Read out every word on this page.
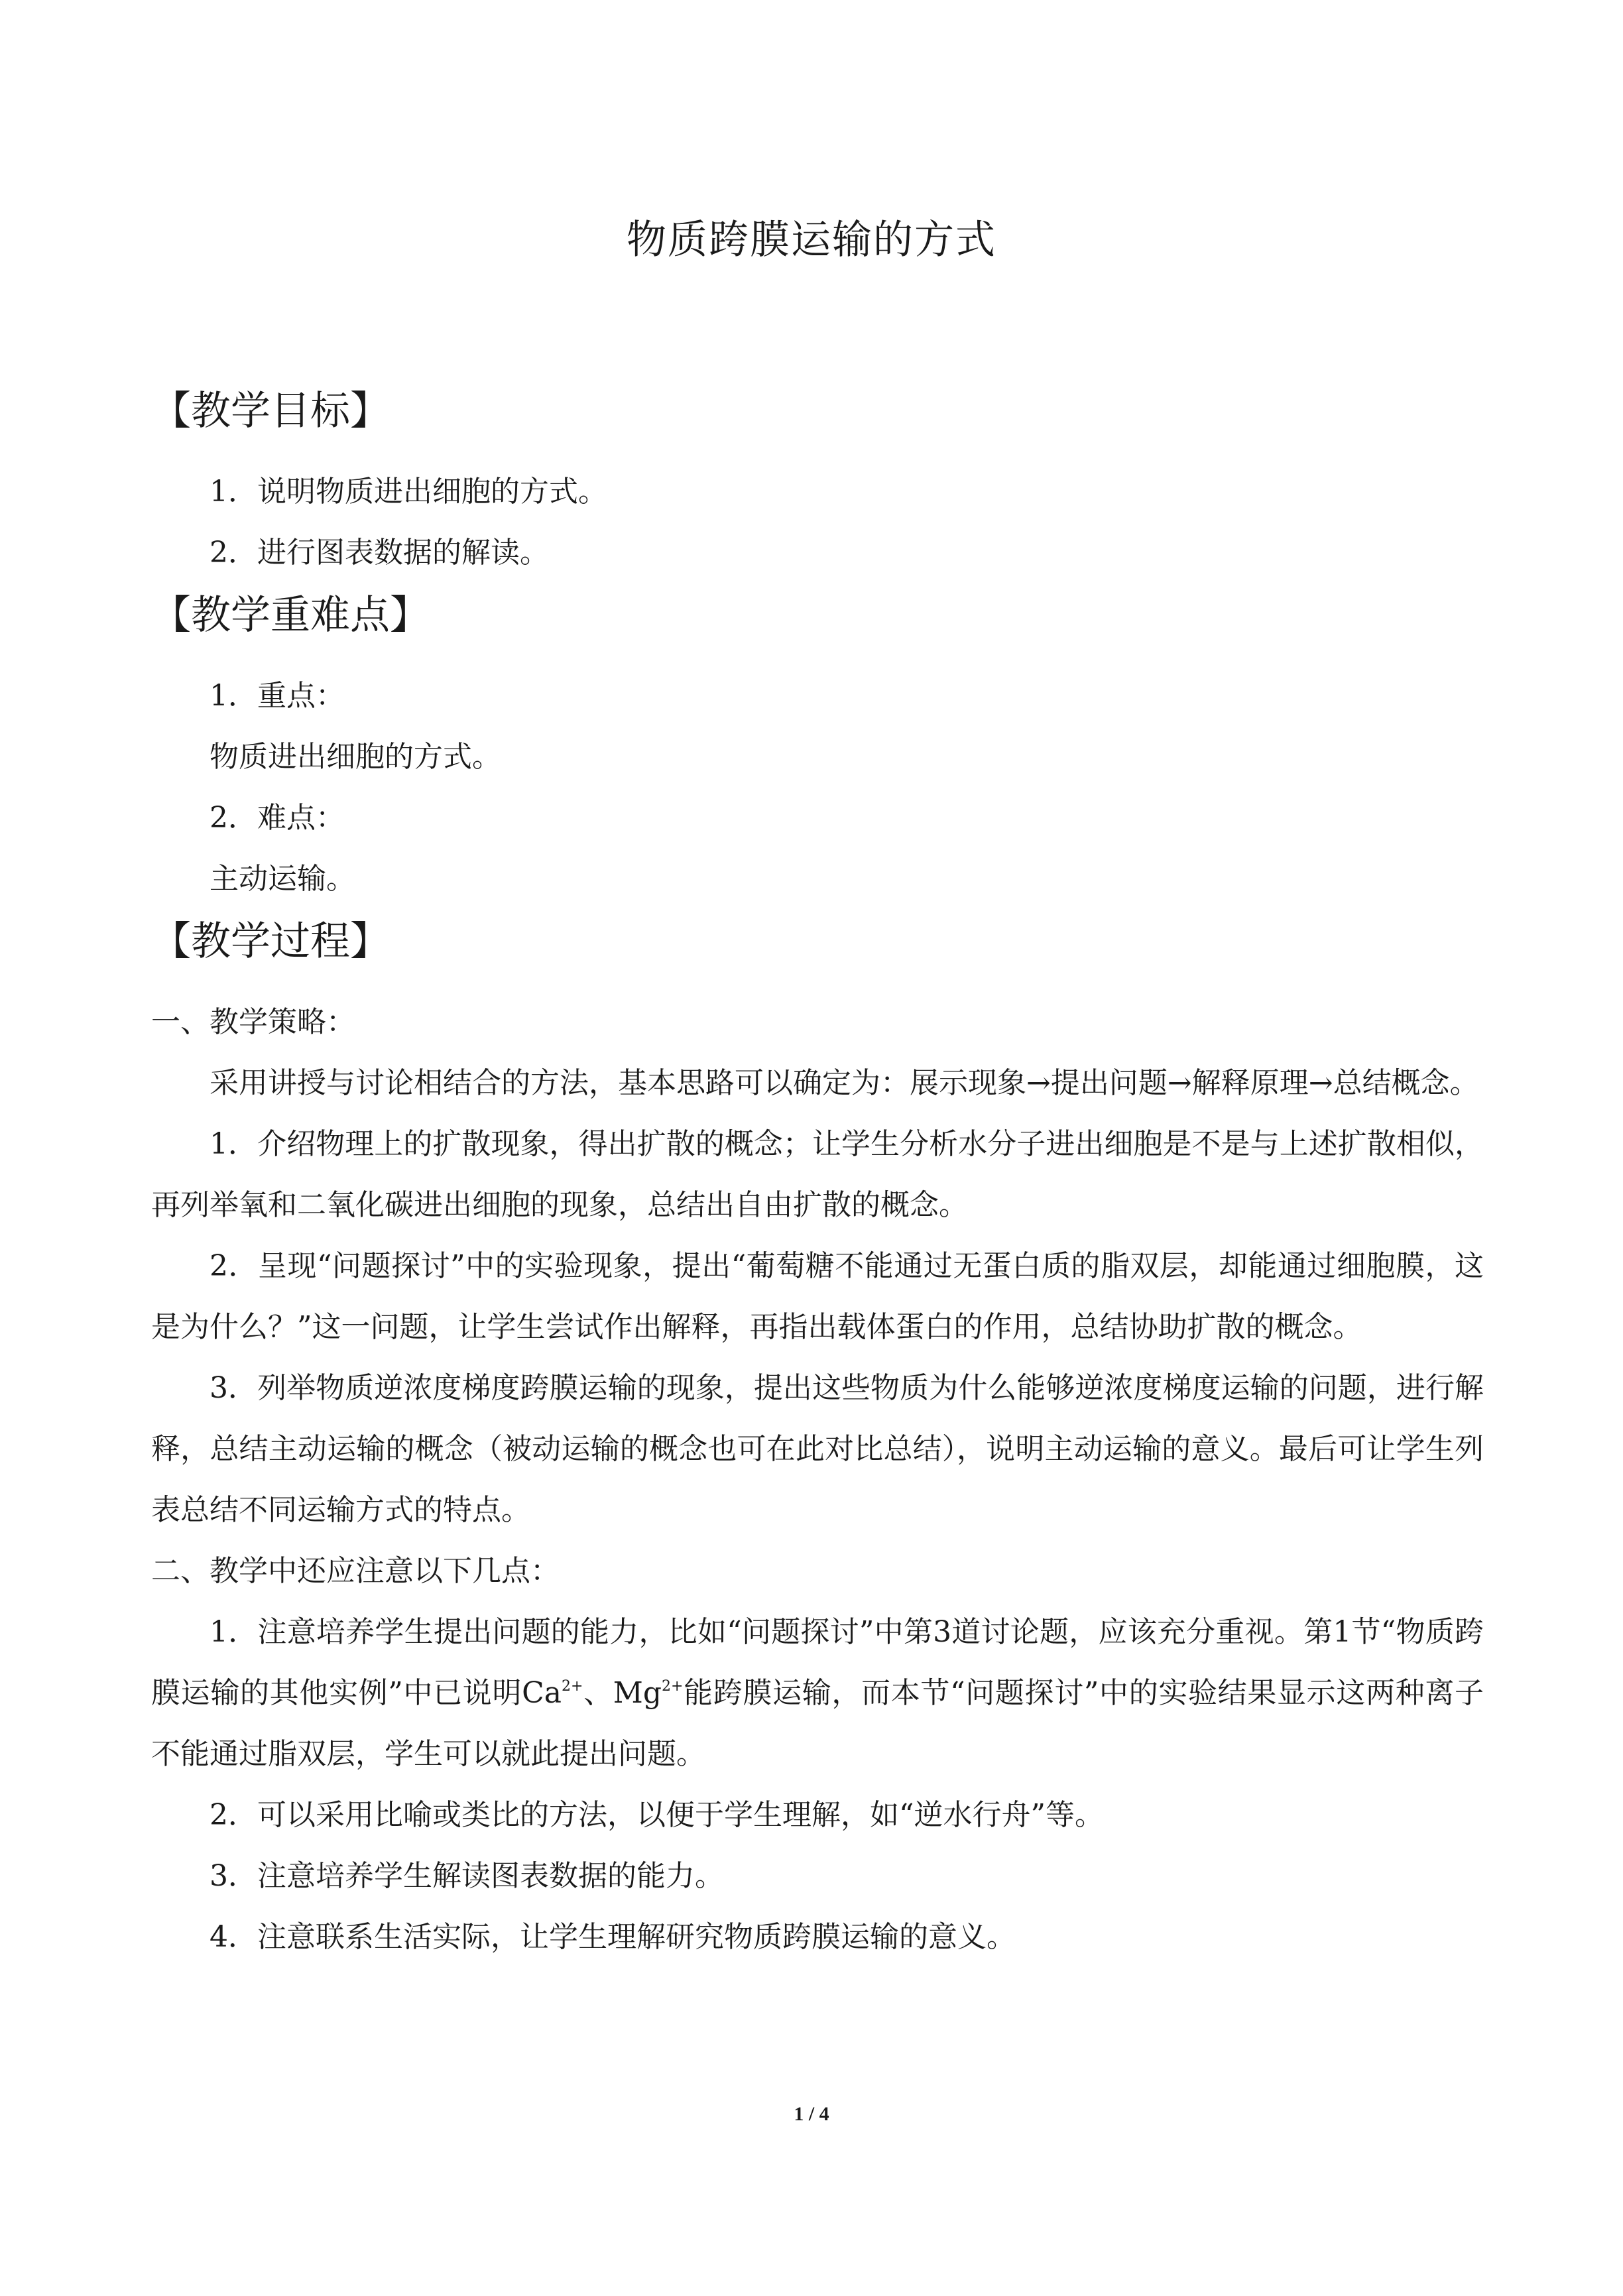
物质跨膜运输的方式

【教学目标】

1．说明物质进出细胞的方式。

2．进行图表数据的解读。

【教学重难点】

1．重点：

物质进出细胞的方式。

2．难点：

主动运输。

【教学过程】

一、教学策略：

采用讲授与讨论相结合的方法，基本思路可以确定为：展示现象→提出问题→解释原理→总结概念。

1．介绍物理上的扩散现象，得出扩散的概念；让学生分析水分子进出细胞是不是与上述扩散相似，再列举氧和二氧化碳进出细胞的现象，总结出自由扩散的概念。

2．呈现“问题探讨”中的实验现象，提出“葡萄糖不能通过无蛋白质的脂双层，却能通过细胞膜，这是为什么？”这一问题，让学生尝试作出解释，再指出载体蛋白的作用，总结协助扩散的概念。

3．列举物质逆浓度梯度跨膜运输的现象，提出这些物质为什么能够逆浓度梯度运输的问题，进行解释，总结主动运输的概念（被动运输的概念也可在此对比总结），说明主动运输的意义。最后可让学生列表总结不同运输方式的特点。

二、教学中还应注意以下几点：

1．注意培养学生提出问题的能力，比如“问题探讨”中第3道讨论题，应该充分重视。第1节“物质跨膜运输的其他实例”中已说明$Ca^{2+}$、$Mg^{2+}$能跨膜运输，而本节“问题探讨”中的实验结果显示这两种离子不能通过脂双层，学生可以就此提出问题。

2．可以采用比喻或类比的方法，以便于学生理解，如“逆水行舟”等。

3．注意培养学生解读图表数据的能力。

4．注意联系生活实际，让学生理解研究物质跨膜运输的意义。

1 / 4
